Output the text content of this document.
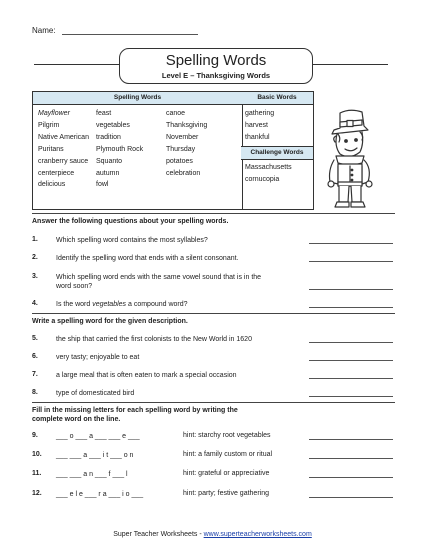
Name:
Spelling Words
Level E – Thanksgiving Words
Spelling Words
Mayflower	feast	canoe
Pilgrim	vegetables	Thanksgiving
Native American	tradition	November
Puritans	Plymouth Rock	Thursday
cranberry sauce	Squanto	potatoes
centerpiece	autumn	celebration
delicious	fowl
Basic Words
gathering
harvest
thankful
Challenge Words
Massachusetts
cornucopia
Answer the following questions about your spelling words.
1.	Which spelling word contains the most syllables?
2.	Identify the spelling word that ends with a silent consonant.
3.	Which spelling word ends with the same vowel sound that is in the
word soon?
4.	Is the word vegetables a compound word?
Write a spelling word for the given description.
5.	the ship that carried the first colonists to the New World in 1620
6.	very tasty; enjoyable to eat
7.	a large meal that is often eaten to mark a special occasion
8.	type of domesticated bird
Fill in the missing letters for each spelling word by writing the
complete word on the line.
9.	___ o ___ a ___ ___ e ___	hint: starchy root vegetables
10. ___ ___ a ___ i t ___ o n	hint: a family custom or ritual
11. ___ ___ a n ___ f ___ l	hint: grateful or appreciative
12. ___ e l e ___ r a ___ i o ___	hint: party; festive gathering
Super Teacher Worksheets - www.superteacherworksheets.com
